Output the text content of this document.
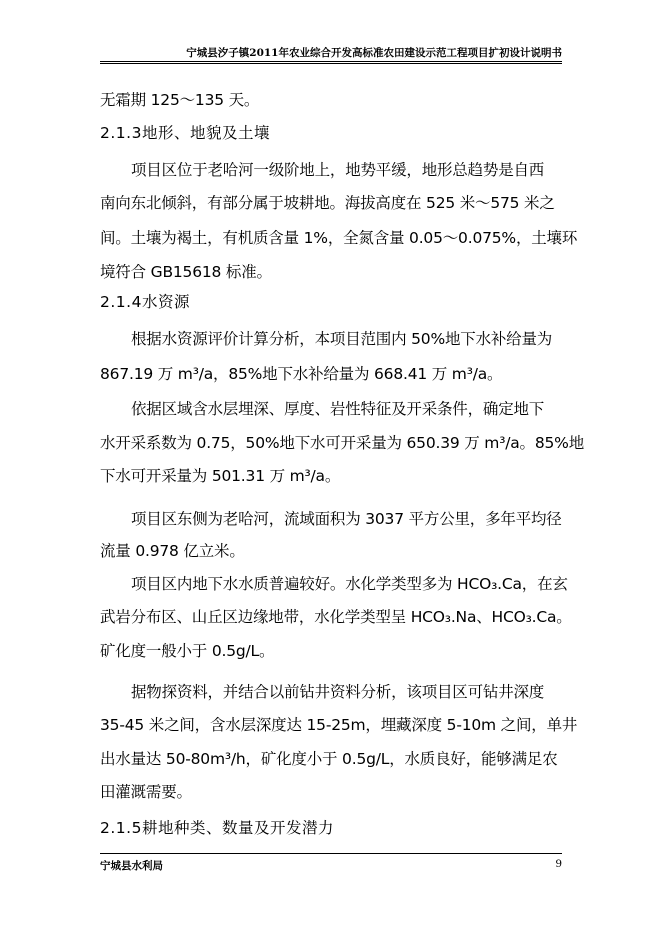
宁城县汐子镇2011年农业综合开发高标准农田建设示范工程项目扩初设计说明书
无霜期 125～135 天。
2.1.3地形、地貌及土壤
项目区位于老哈河一级阶地上，地势平缓，地形总趋势是自西
南向东北倾斜，有部分属于坡耕地。海拔高度在 525 米～575 米之
间。土壤为褐土，有机质含量 1%，全氮含量 0.05～0.075%，土壤环
境符合 GB15618 标准。
2.1.4水资源
根据水资源评价计算分析，本项目范围内 50%地下水补给量为
867.19 万 m³/a，85%地下水补给量为 668.41 万 m³/a。
依据区域含水层埋深、厚度、岩性特征及开采条件，确定地下
水开采系数为 0.75，50%地下水可开采量为 650.39 万 m³/a。85%地
下水可开采量为 501.31 万 m³/a。
项目区东侧为老哈河，流域面积为 3037 平方公里，多年平均径
流量 0.978 亿立米。
项目区内地下水水质普遍较好。水化学类型多为 HCO₃.Ca，在玄
武岩分布区、山丘区边缘地带，水化学类型呈 HCO₃.Na、HCO₃.Ca。
矿化度一般小于 0.5g/L。
据物探资料，并结合以前钻井资料分析，该项目区可钻井深度
35-45 米之间，含水层深度达 15-25m，埋藏深度 5-10m 之间，单井
出水量达 50-80m³/h，矿化度小于 0.5g/L，水质良好，能够满足农
田灌溉需要。
2.1.5耕地种类、数量及开发潜力
宁城县水利局	9
